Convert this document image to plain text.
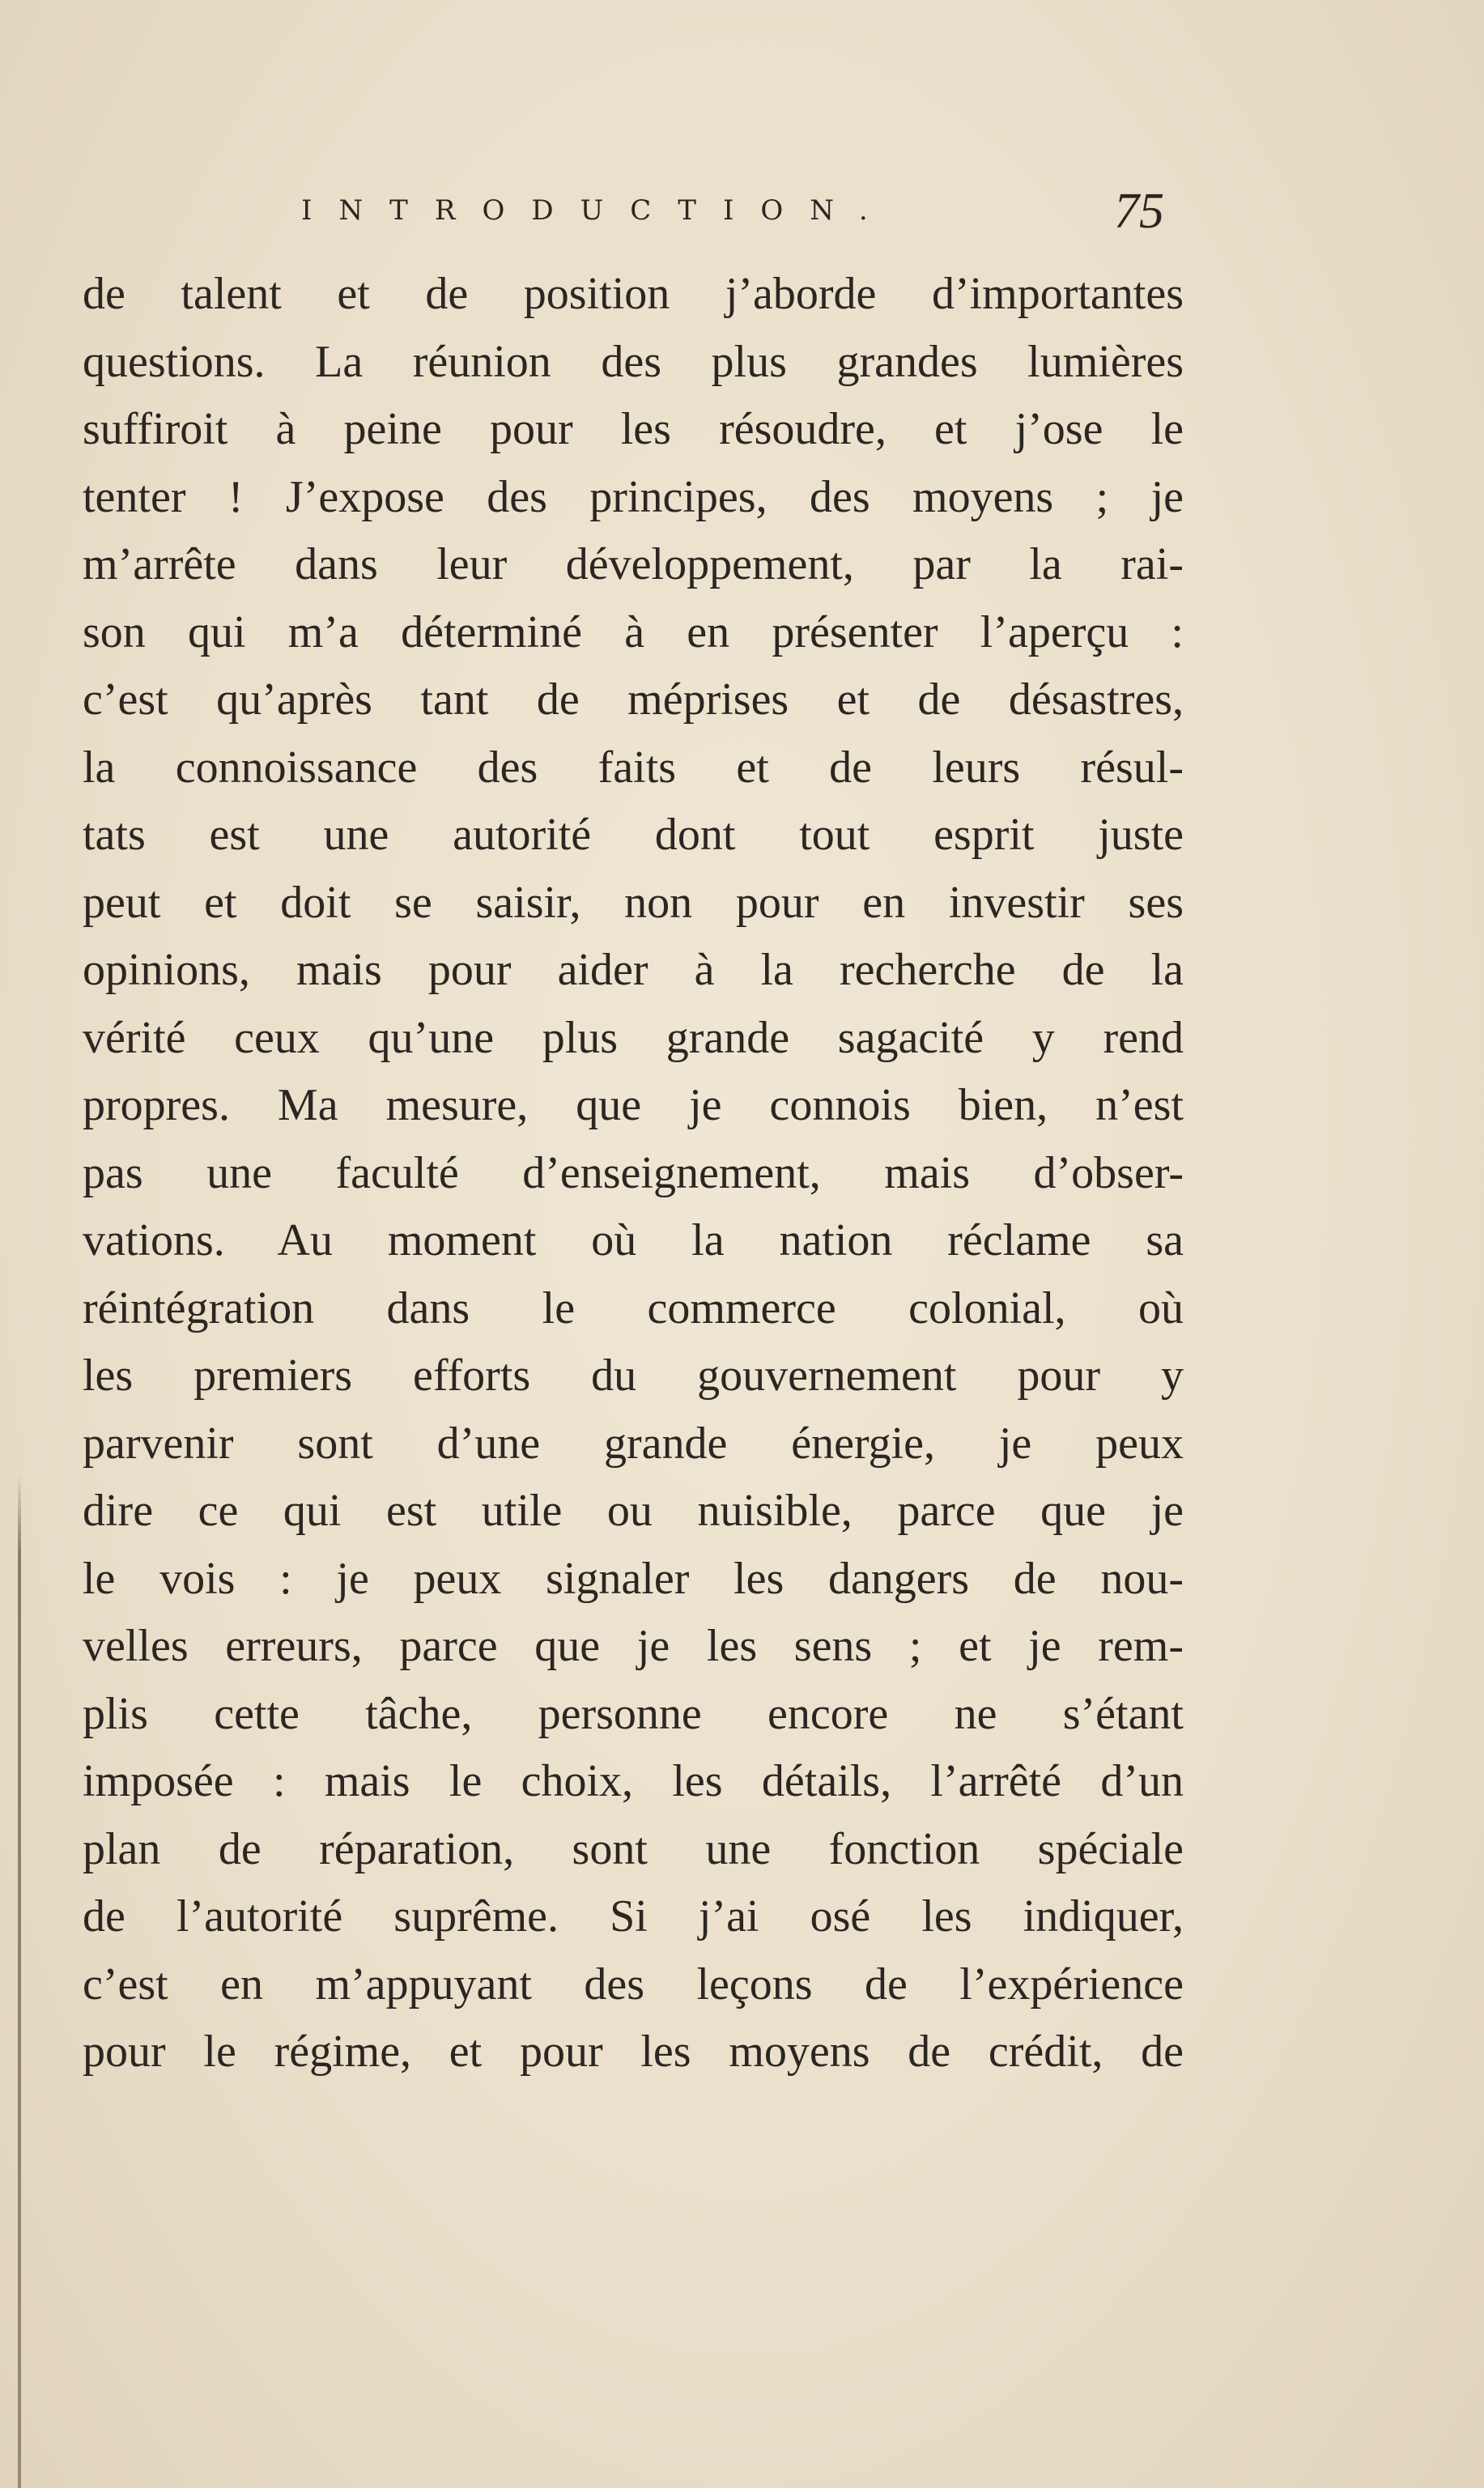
INTRODUCTION.	75
de talent et de position j’aborde d’importantes
questions. La réunion des plus grandes lumières
suffiroit à peine pour les résoudre, et j’ose le
tenter ! J’expose des principes, des moyens ; je
m’arrête dans leur développement, par la rai-
son qui m’a déterminé à en présenter l’aperçu :
c’est qu’après tant de méprises et de désastres,
la connoissance des faits et de leurs résul-
tats est une autorité dont tout esprit juste
peut et doit se saisir, non pour en investir ses
opinions, mais pour aider à la recherche de la
vérité ceux qu’une plus grande sagacité y rend
propres. Ma mesure, que je connois bien, n’est
pas une faculté d’enseignement, mais d’obser-
vations. Au moment où la nation réclame sa
réintégration dans le commerce colonial, où
les premiers efforts du gouvernement pour y
parvenir sont d’une grande énergie, je peux
dire ce qui est utile ou nuisible, parce que je
le vois : je peux signaler les dangers de nou-
velles erreurs, parce que je les sens ; et je rem-
plis cette tâche, personne encore ne s’étant
imposée : mais le choix, les détails, l’arrêté d’un
plan de réparation, sont une fonction spéciale
de l’autorité suprême. Si j’ai osé les indiquer,
c’est en m’appuyant des leçons de l’expérience
pour le régime, et pour les moyens de crédit, de
